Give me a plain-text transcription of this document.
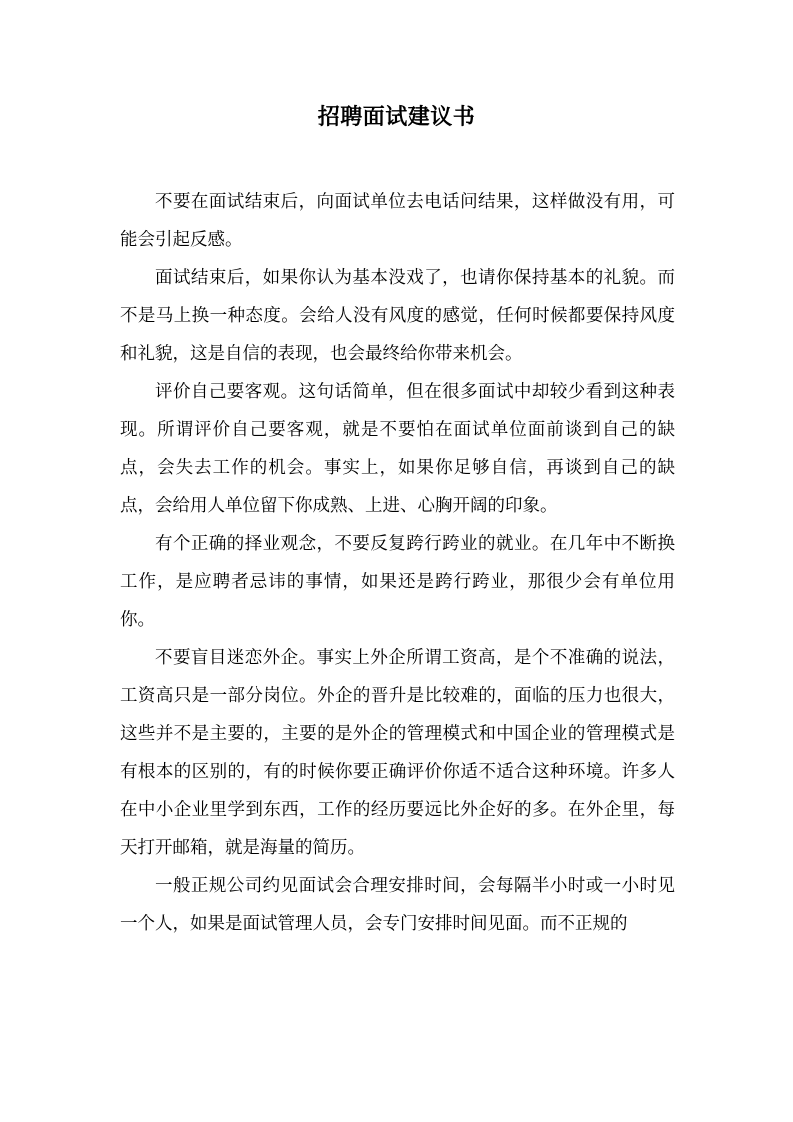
招聘面试建议书

不要在面试结束后，向面试单位去电话问结果，这样做没有用，可能会引起反感。

面试结束后，如果你认为基本没戏了，也请你保持基本的礼貌。而不是马上换一种态度。会给人没有风度的感觉，任何时候都要保持风度和礼貌，这是自信的表现，也会最终给你带来机会。

评价自己要客观。这句话简单，但在很多面试中却较少看到这种表现。所谓评价自己要客观，就是不要怕在面试单位面前谈到自己的缺点，会失去工作的机会。事实上，如果你足够自信，再谈到自己的缺点，会给用人单位留下你成熟、上进、心胸开阔的印象。

有个正确的择业观念，不要反复跨行跨业的就业。在几年中不断换工作，是应聘者忌讳的事情，如果还是跨行跨业，那很少会有单位用你。

不要盲目迷恋外企。事实上外企所谓工资高，是个不准确的说法，工资高只是一部分岗位。外企的晋升是比较难的，面临的压力也很大，这些并不是主要的，主要的是外企的管理模式和中国企业的管理模式是有根本的区别的，有的时候你要正确评价你适不适合这种环境。许多人在中小企业里学到东西，工作的经历要远比外企好的多。在外企里，每天打开邮箱，就是海量的简历。

一般正规公司约见面试会合理安排时间，会每隔半小时或一小时见一个人，如果是面试管理人员，会专门安排时间见面。而不正规的
